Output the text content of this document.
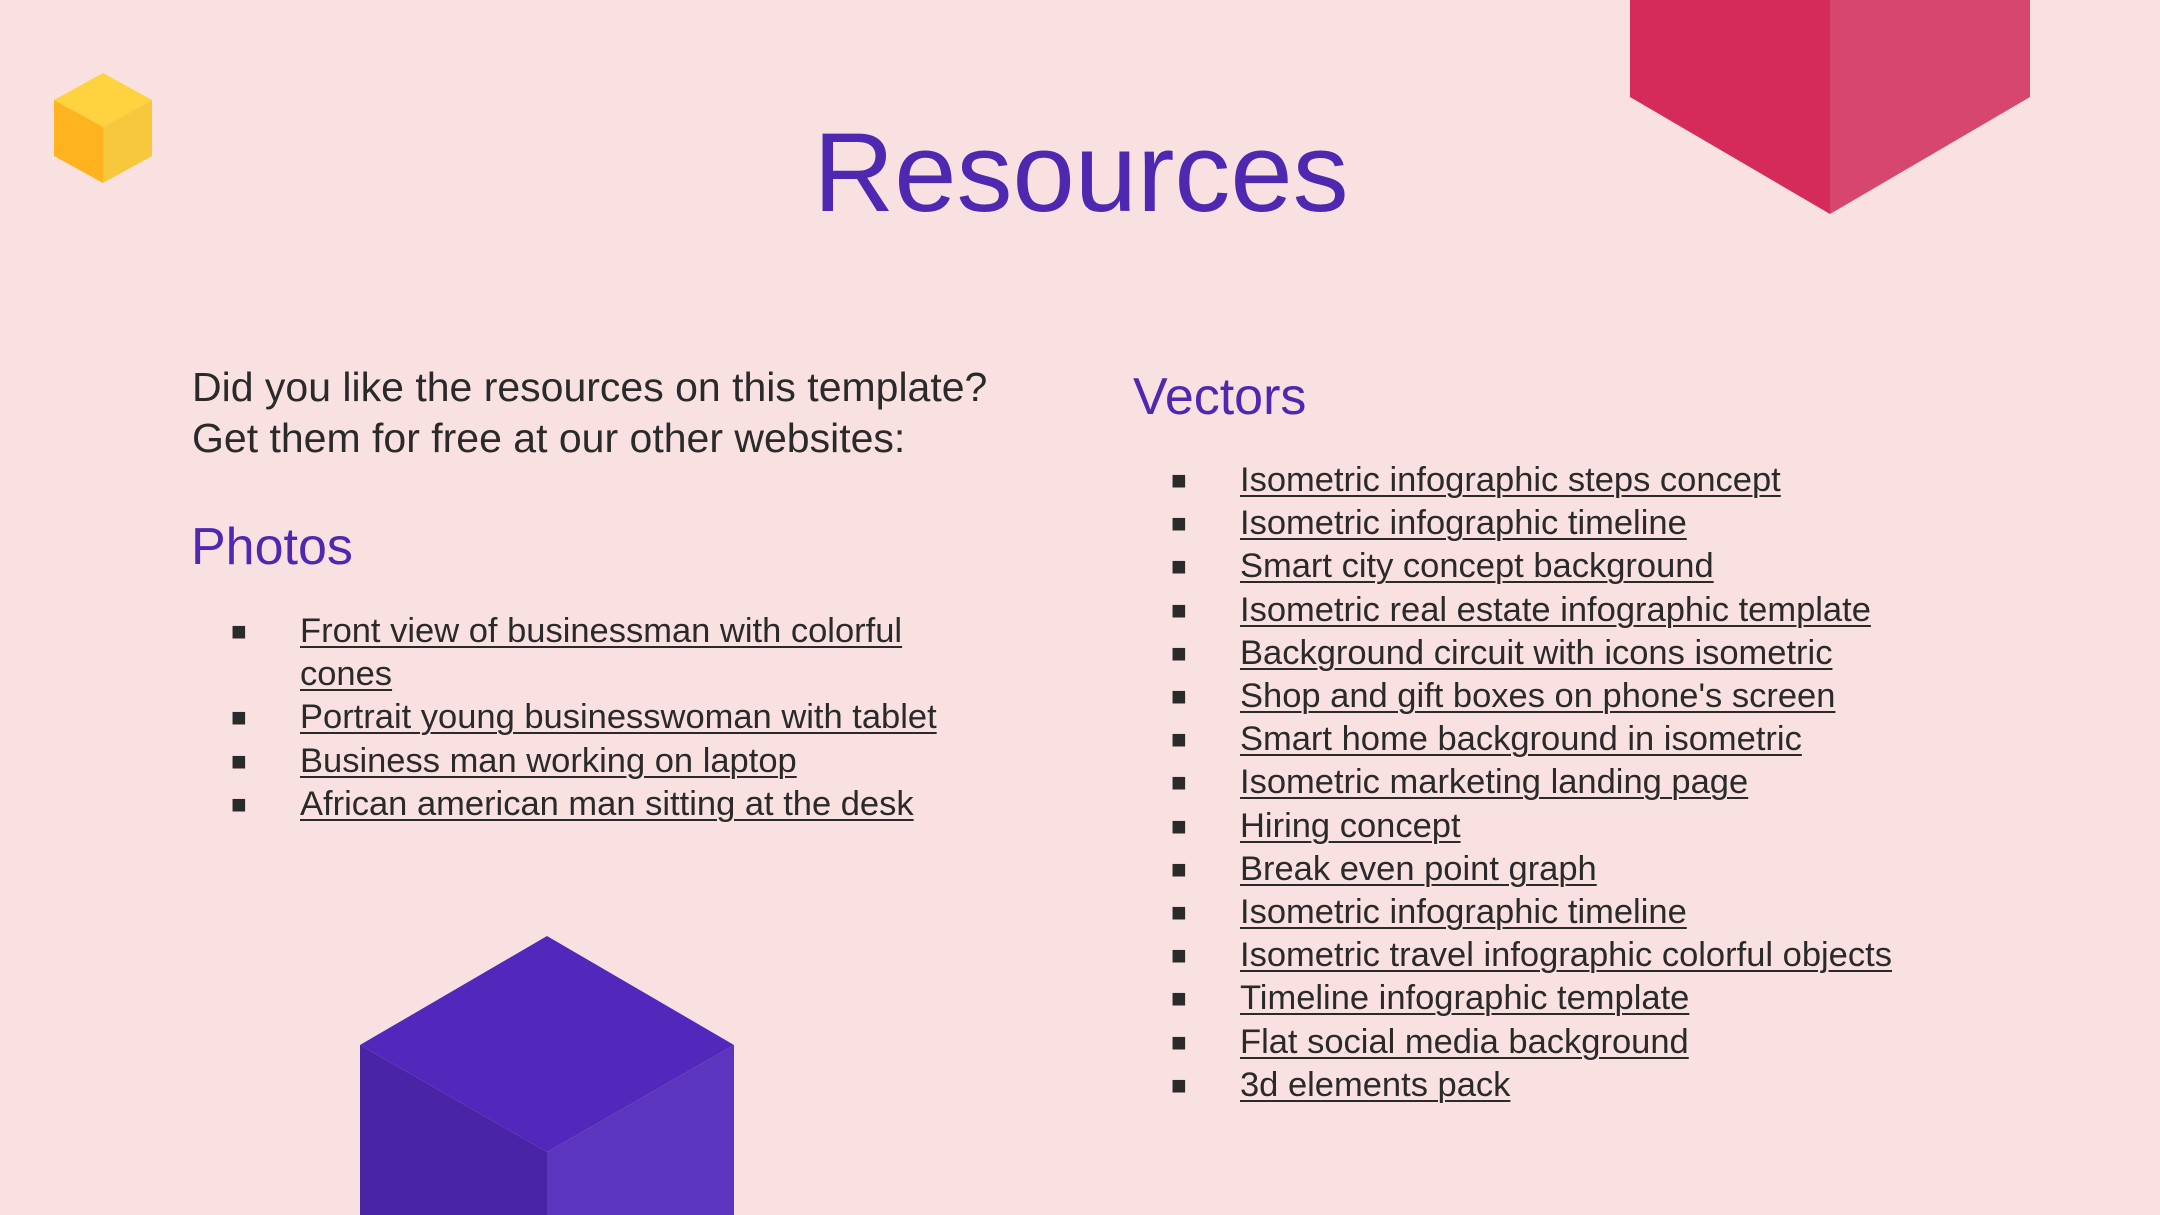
Resources

Did you like the resources on this template?

Get them for free at our other websites:

Photos
■ Front view of businessman with colorful cones
■ Portrait young businesswoman with tablet
■ Business man working on laptop
■ African american man sitting at the desk
Vectors
■ Isometric infographic steps concept
■ Isometric infographic timeline
■ Smart city concept background
■ Isometric real estate infographic template
■ Background circuit with icons isometric
■ Shop and gift boxes on phone's screen
■ Smart home background in isometric
■ Isometric marketing landing page
■ Hiring concept
■ Break even point graph
■ Isometric infographic timeline
■ Isometric travel infographic colorful objects
■ Timeline infographic template
■ Flat social media background
■ 3d elements pack
